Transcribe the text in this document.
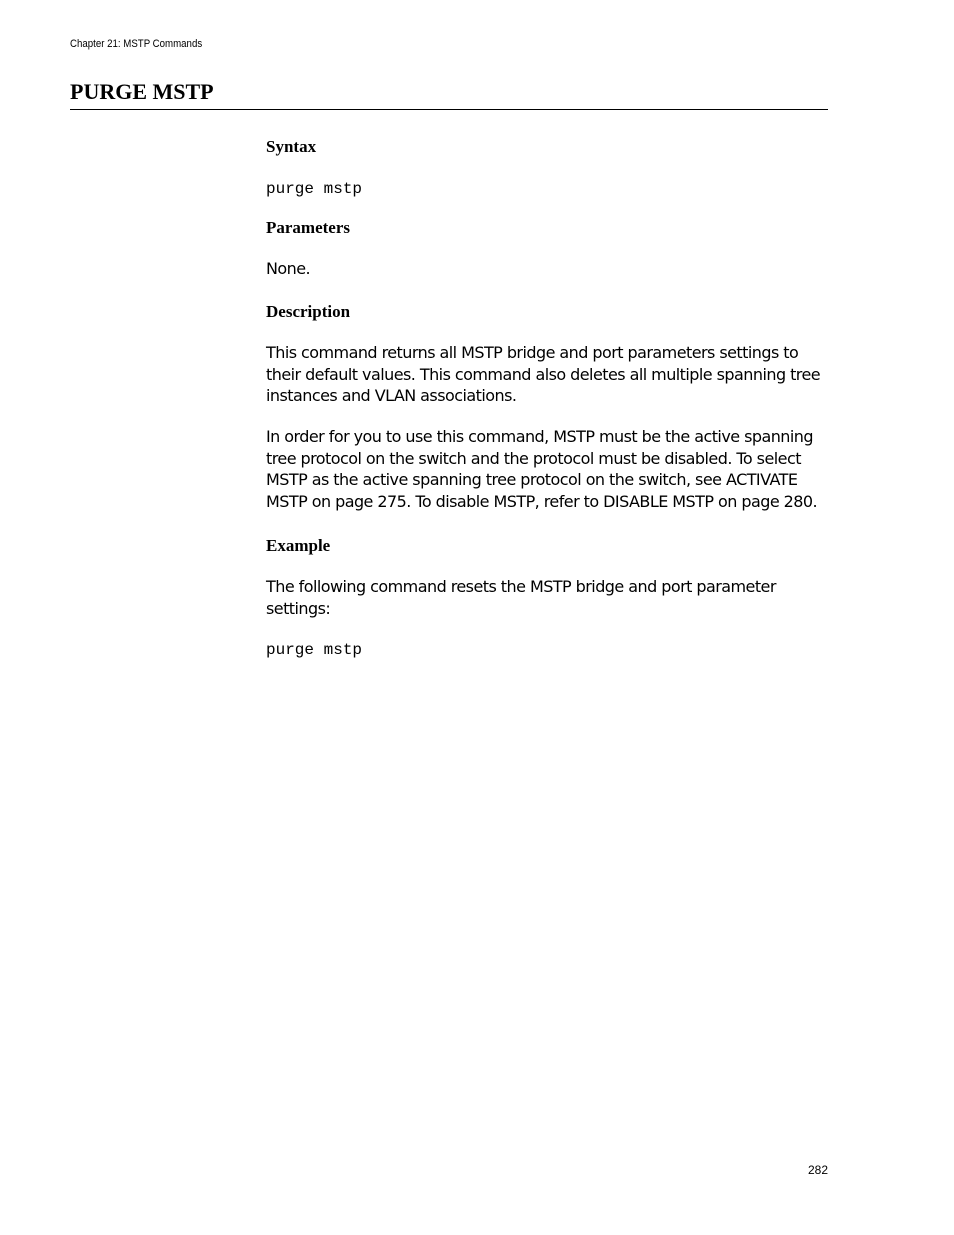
Chapter 21: MSTP Commands
PURGE MSTP
Syntax
purge mstp
Parameters

None.

Description

This command returns all MSTP bridge and port parameters settings to their default values. This command also deletes all multiple spanning tree instances and VLAN associations.

In order for you to use this command, MSTP must be the active spanning tree protocol on the switch and the protocol must be disabled. To select MSTP as the active spanning tree protocol on the switch, see ACTIVATE MSTP on page 275. To disable MSTP, refer to DISABLE MSTP on page 280.

Example

The following command resets the MSTP bridge and port parameter settings:

purge mstp
282
